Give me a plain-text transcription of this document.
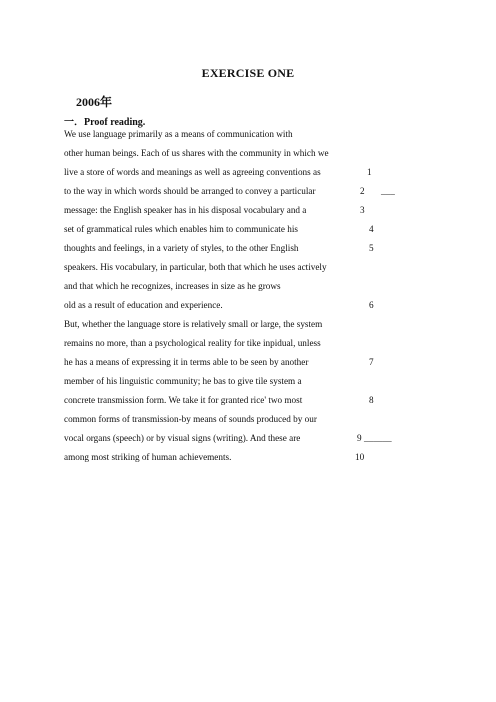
EXERCISE ONE
2006年
一．Proof reading.
We use language primarily as a means of communication with
other human beings. Each of us shares with the community in which we
live a store of words and meanings as well as agreeing conventions as
to the way in which words should be arranged to convey a particular
message: the English speaker has in his disposal vocabulary and a
set of grammatical rules which enables him to communicate his
thoughts and feelings, in a variety of styles, to the other English
speakers. His vocabulary, in particular, both that which he uses actively
and that which he recognizes, increases in size as he grows
old as a result of education and experience.
But, whether the language store is relatively small or large, the system
remains no more, than a psychological reality for tike inpidual, unless
he has a means of expressing it in terms able to be seen by another
member of his linguistic community; he bas to give tile system a
concrete transmission form. We take it for granted rice' two most
common forms of transmission-by means of sounds produced by our
vocal organs (speech) or by visual signs (writing). And these are
among most striking of human achievements.
1
2
3
4
5
6
7
8
9
10
___
______
